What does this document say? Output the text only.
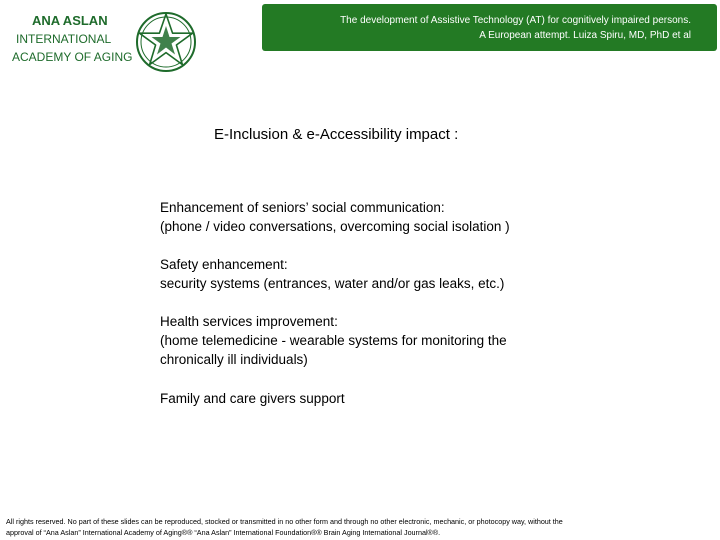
ANA ASLAN
INTERNATIONAL
ACADEMY OF AGING
The development of Assistive Technology (AT) for cognitively impaired persons.
A European attempt. Luiza Spiru, MD, PhD et al
E-Inclusion & e-Accessibility impact :
Enhancement of seniors’ social communication:
(phone / video conversations, overcoming social isolation )
Safety enhancement:
security systems (entrances, water and/or gas leaks, etc.)
Health services improvement:
(home telemedicine - wearable systems for monitoring the
chronically ill individuals)
Family and care givers support
All rights reserved. No part of these slides can be reproduced, stocked or transmitted in no other form and through no other electronic, mechanic, or photocopy way, without the
approval of “Ana Aslan” International Academy of Aging®® “Ana Aslan” International Foundation®® Brain Aging International Journal®®.
